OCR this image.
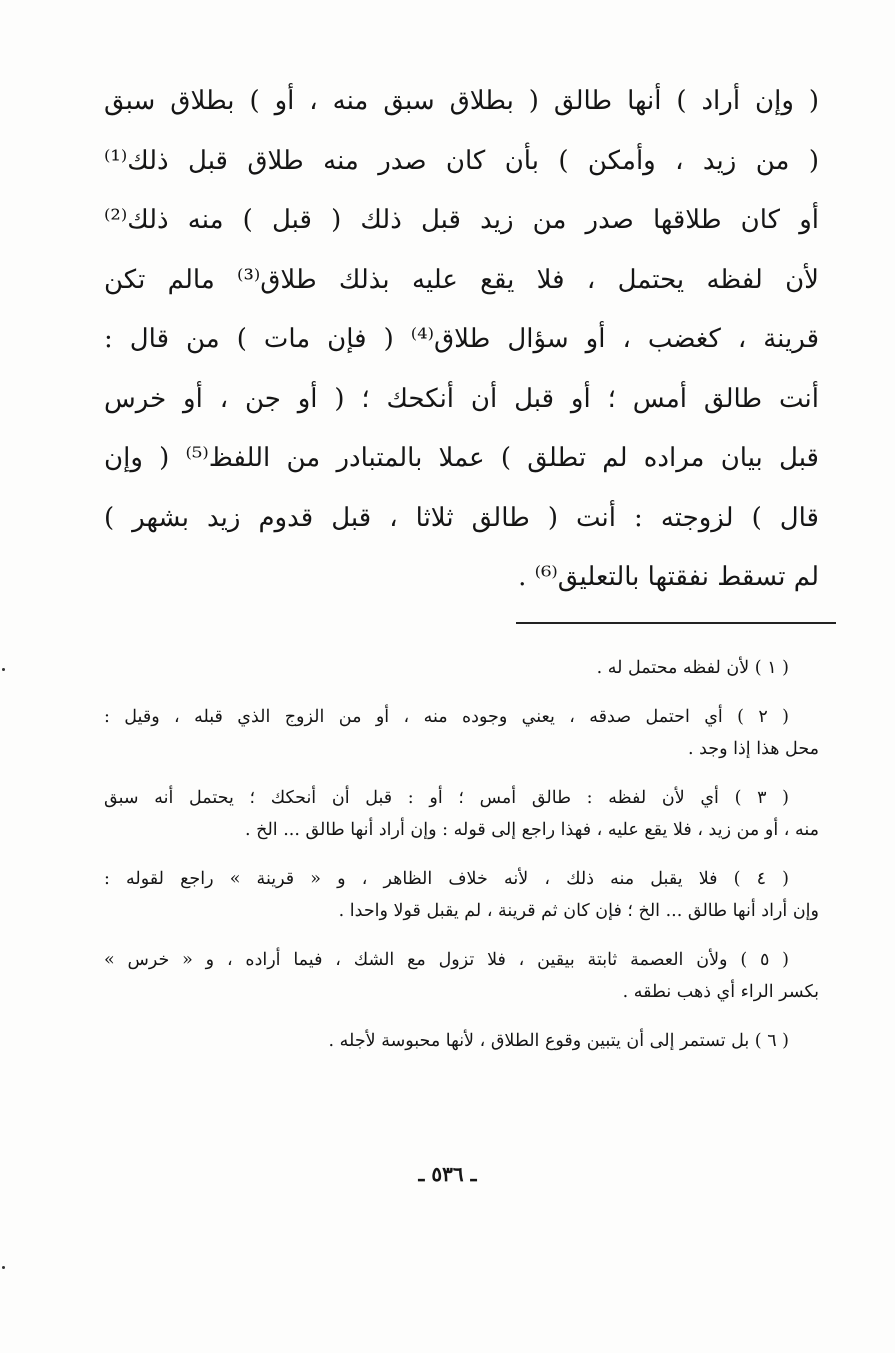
( وإن أراد ) أنها طالق ( بطلاق سبق منه ، أو ) بطلاق سبق
( من زيد ، وأمكن ) بأن كان صدر منه طلاق قبل ذلك⁽¹⁾
أو كان طلاقها صدر من زيد قبل ذلك ( قبل ) منه ذلك⁽²⁾
لأن لفظه يحتمل ، فلا يقع عليه بذلك طلاق⁽³⁾ مالم تكن
قرينة ، كغضب ، أو سؤال طلاق⁽⁴⁾ ( فإن مات ) من قال :
أنت طالق أمس ؛ أو قبل أن أنكحك ؛ ( أو جن ، أو خرس
قبل بيان مراده لم تطلق ) عملا بالمتبادر من اللفظ⁽⁵⁾ ( وإن
قال ) لزوجته : أنت ( طالق ثلاثا ، قبل قدوم زيد بشهر )
لم تسقط نفقتها بالتعليق⁽⁶⁾ .
( ١ ) لأن لفظه محتمل له .
( ٢ ) أي احتمل صدقه ، يعني وجوده منه ، أو من الزوج الذي قبله ، وقيل :
محل هذا إذا وجد .
( ٣ ) أي لأن لفظه : طالق أمس ؛ أو : قبل أن أنحكك ؛ يحتمل أنه سبق
منه ، أو من زيد ، فلا يقع عليه ، فهذا راجع إلى قوله : وإن أراد أنها طالق ... الخ .
( ٤ ) فلا يقبل منه ذلك ، لأنه خلاف الظاهر ، و « قرينة » راجع لقوله :
وإن أراد أنها طالق ... الخ ؛ فإن كان ثم قرينة ، لم يقبل قولا واحدا .
( ٥ ) ولأن العصمة ثابتة بيقين ، فلا تزول مع الشك ، فيما أراده ، و « خرس »
بكسر الراء أي ذهب نطقه .
( ٦ ) بل تستمر إلى أن يتبين وقوع الطلاق ، لأنها محبوسة لأجله .
ـ ٥٣٦ ـ
